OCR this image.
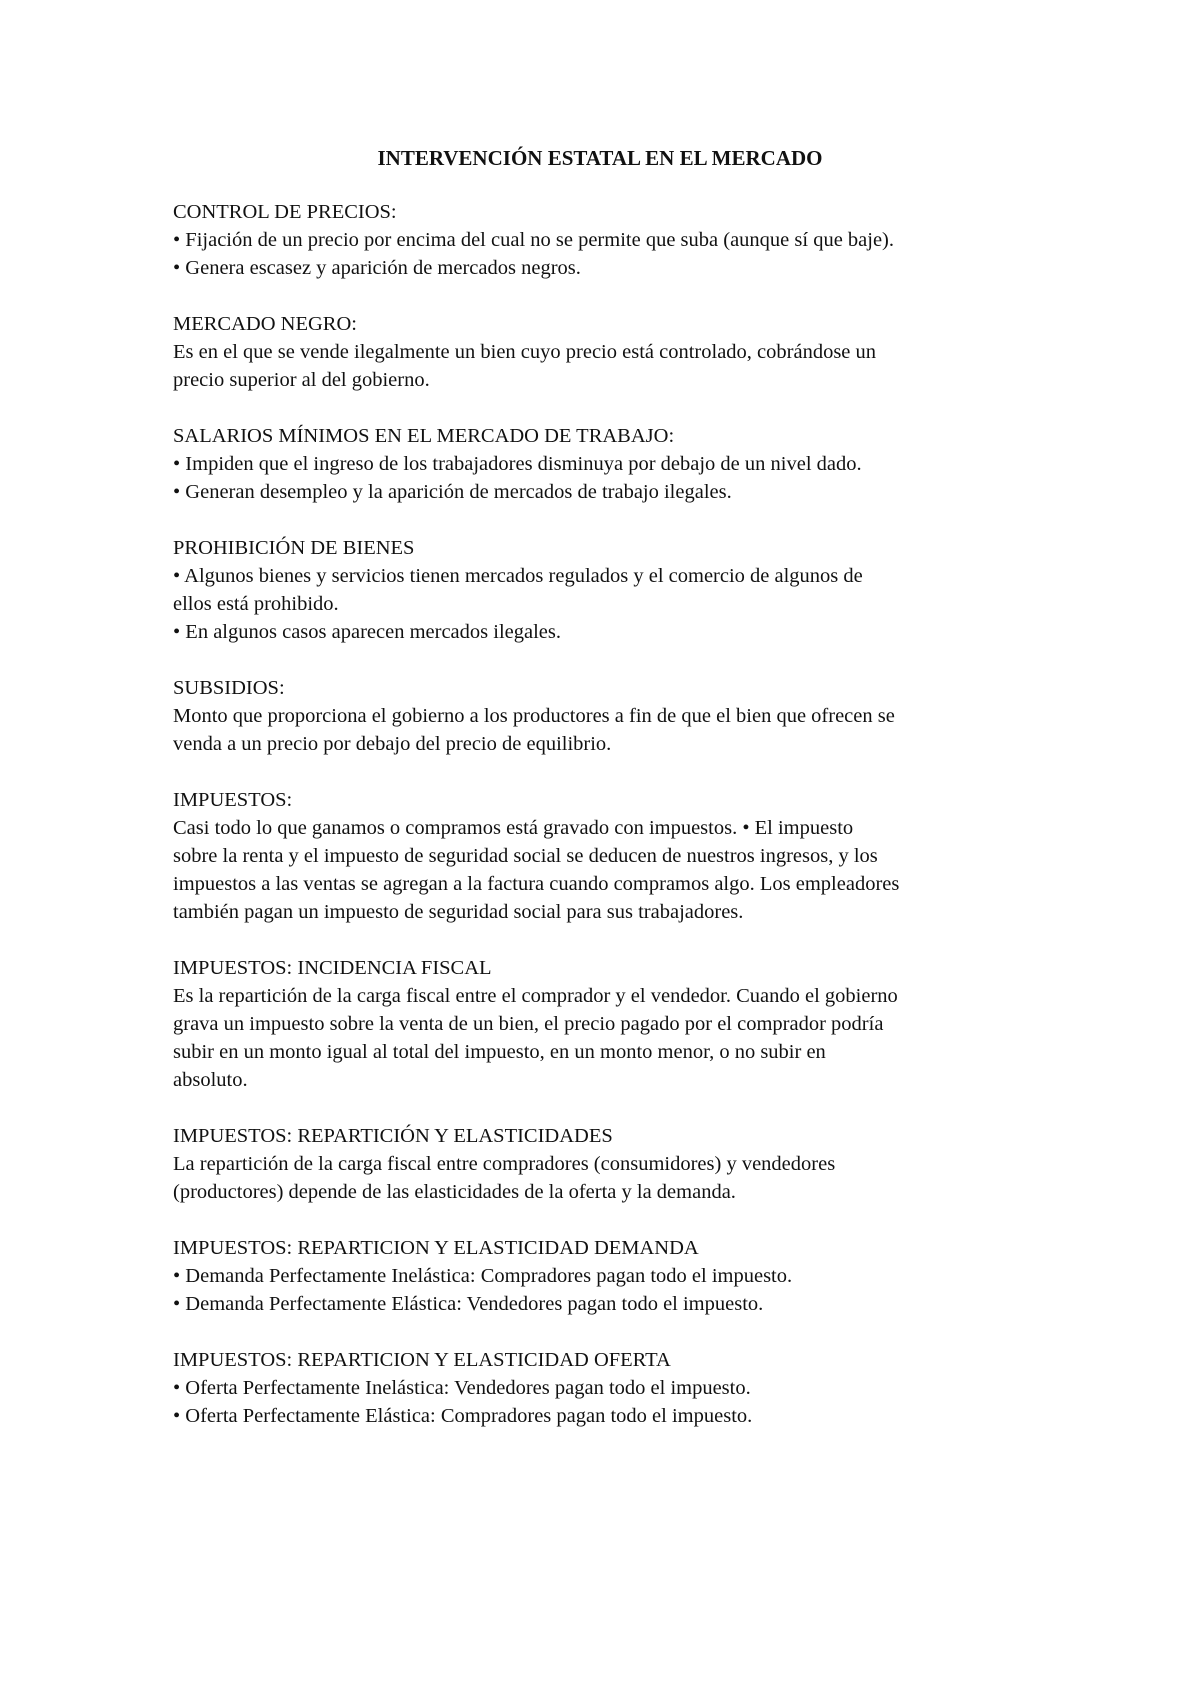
INTERVENCIÓN ESTATAL EN EL MERCADO

CONTROL DE PRECIOS:

• Fijación de un precio por encima del cual no se permite que suba (aunque sí que baje).

• Genera escasez y aparición de mercados negros.

MERCADO NEGRO:

Es en el que se vende ilegalmente un bien cuyo precio está controlado, cobrándose un

precio superior al del gobierno.

SALARIOS MÍNIMOS EN EL MERCADO DE TRABAJO:

• Impiden que el ingreso de los trabajadores disminuya por debajo de un nivel dado.

• Generan desempleo y la aparición de mercados de trabajo ilegales.

PROHIBICIÓN DE BIENES

• Algunos bienes y servicios tienen mercados regulados y el comercio de algunos de

ellos está prohibido.

• En algunos casos aparecen mercados ilegales.

SUBSIDIOS:

Monto que proporciona el gobierno a los productores a fin de que el bien que ofrecen se

venda a un precio por debajo del precio de equilibrio.

IMPUESTOS:

Casi todo lo que ganamos o compramos está gravado con impuestos. • El impuesto

sobre la renta y el impuesto de seguridad social se deducen de nuestros ingresos, y los

impuestos a las ventas se agregan a la factura cuando compramos algo. Los empleadores

también pagan un impuesto de seguridad social para sus trabajadores.

IMPUESTOS: INCIDENCIA FISCAL

Es la repartición de la carga fiscal entre el comprador y el vendedor. Cuando el gobierno

grava un impuesto sobre la venta de un bien, el precio pagado por el comprador podría

subir en un monto igual al total del impuesto, en un monto menor, o no subir en

absoluto.

IMPUESTOS: REPARTICIÓN Y ELASTICIDADES

La repartición de la carga fiscal entre compradores (consumidores) y vendedores

(productores) depende de las elasticidades de la oferta y la demanda.

IMPUESTOS: REPARTICION Y ELASTICIDAD DEMANDA

• Demanda Perfectamente Inelástica: Compradores pagan todo el impuesto.

• Demanda Perfectamente Elástica: Vendedores pagan todo el impuesto.

IMPUESTOS: REPARTICION Y ELASTICIDAD OFERTA

• Oferta Perfectamente Inelástica: Vendedores pagan todo el impuesto.

• Oferta Perfectamente Elástica: Compradores pagan todo el impuesto.
